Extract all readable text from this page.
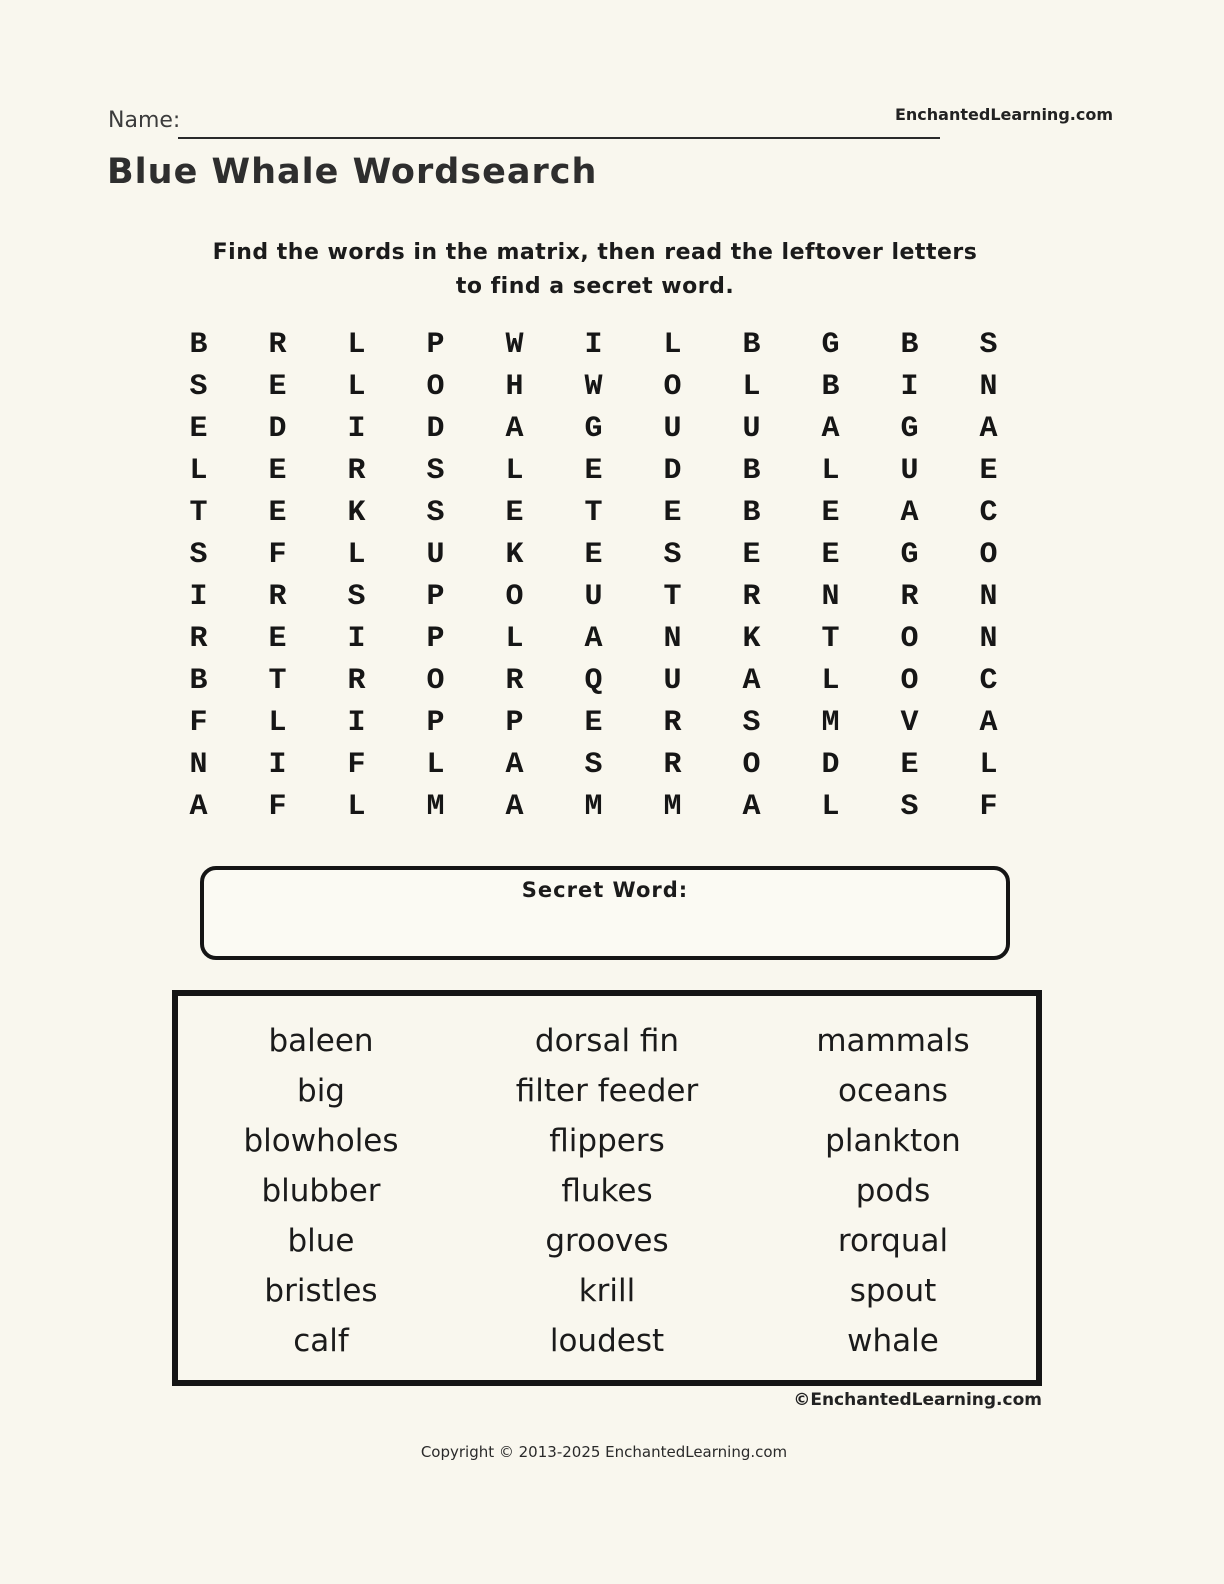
Name:	EnchantedLearning.com
Blue Whale Wordsearch
Find the words in the matrix, then read the leftover letters
to find a secret word.
B	R	L	P	W	I	L	B	G	B	S
S	E	L	O	H	W	O	L	B	I	N
E	D	I	D	A	G	U	U	A	G	A
L	E	R	S	L	E	D	B	L	U	E
T	E	K	S	E	T	E	B	E	A	C
S	F	L	U	K	E	S	E	E	G	O
I	R	S	P	O	U	T	R	N	R	N
R	E	I	P	L	A	N	K	T	O	N
B	T	R	O	R	Q	U	A	L	O	C
F	L	I	P	P	E	R	S	M	V	A
N	I	F	L	A	S	R	O	D	E	L
A	F	L	M	A	M	M	A	L	S	F
Secret Word:
baleen
big
blowholes
blubber
blue
bristles
calf
dorsal fin
filter feeder
flippers
flukes
grooves
krill
loudest
mammals
oceans
plankton
pods
rorqual
spout
whale
©EnchantedLearning.com
Copyright © 2013-2025 EnchantedLearning.com
